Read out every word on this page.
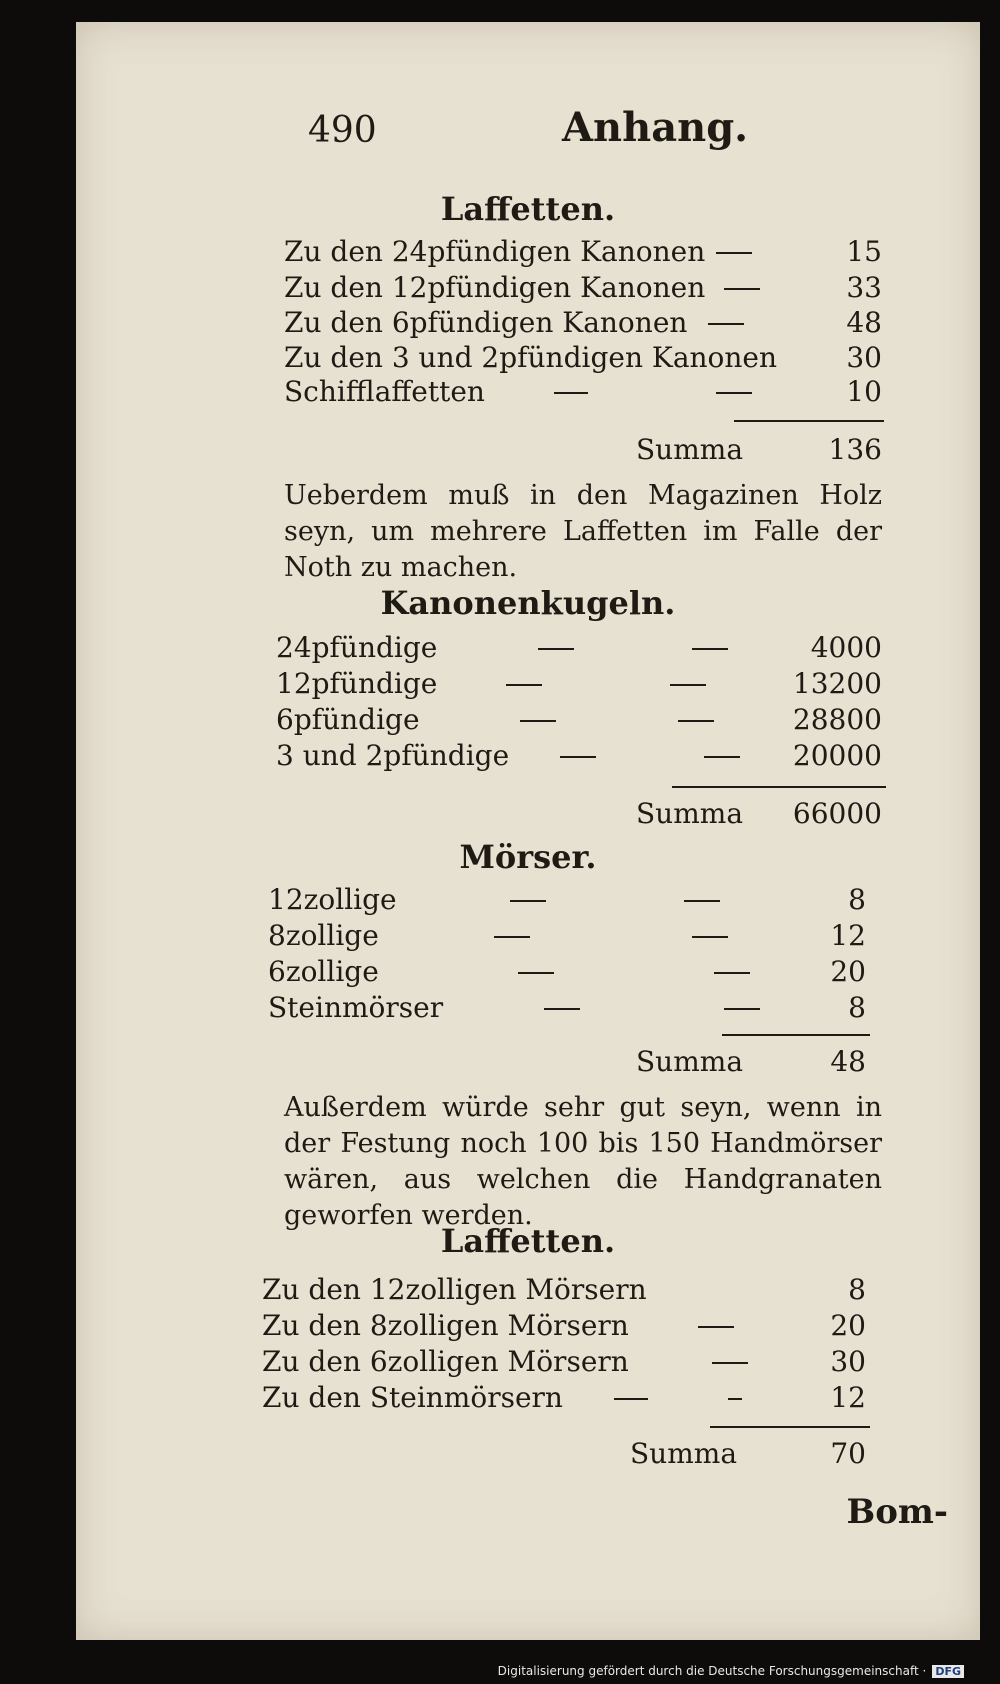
490	Anhang.
Laffetten.
Zu den 24pfündigen Kanonen	15
Zu den 12pfündigen Kanonen	33
Zu den 6pfündigen Kanonen	48
Zu den 3 und 2pfündigen Kanonen 30
Schifflaffetten	10
Summa	136
Ueberdem muß in den Magazinen Holz seyn, um mehrere Laffetten im Falle der Noth zu machen.
Kanonenkugeln.
24pfündige	4000
12pfündige	13200
6pfündige	28800
3 und 2pfündige	20000
Summa 66000
Mörser.
12zollige	8
8zollige	12
6zollige	20
Steinmörser	8
Summa	48
Außerdem würde sehr gut seyn, wenn in der Festung noch 100 bis 150 Handmörser wären, aus welchen die Handgranaten geworfen werden.
Laffetten.
Zu den 12zolligen Mörsern	8
Zu den 8zolligen Mörsern	20
Zu den 6zolligen Mörsern	30
Zu den Steinmörsern	12
Summa	70
Bom-
Digitalisierung gefördert durch die Deutsche Forschungsgemeinschaft · DFG
